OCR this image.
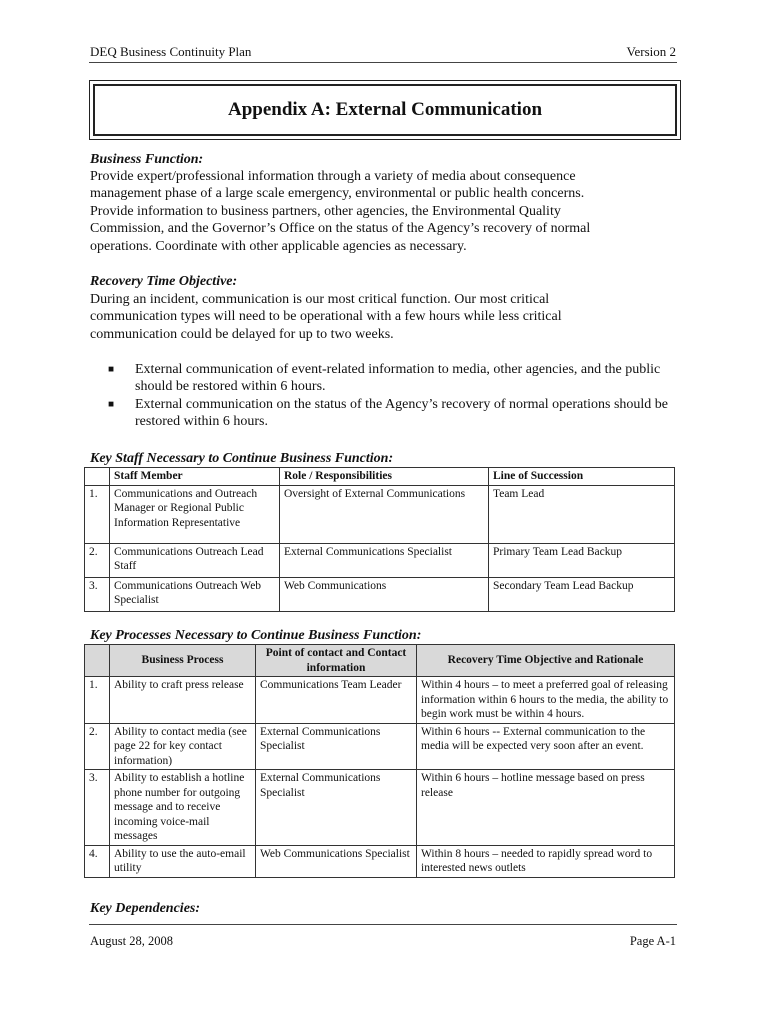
DEQ Business Continuity Plan	Version 2
Appendix A: External Communication
Business Function:
Provide expert/professional information through a variety of media about consequence
management phase of a large scale emergency, environmental or public health concerns.
Provide information to business partners, other agencies, the Environmental Quality
Commission, and the Governor’s Office on the status of the Agency’s recovery of normal
operations. Coordinate with other applicable agencies as necessary.
Recovery Time Objective:
During an incident, communication is our most critical function. Our most critical
communication types will need to be operational with a few hours while less critical
communication could be delayed for up to two weeks.
■ External communication of event-related information to media, other agencies, and the public should be restored within 6 hours.
■ External communication on the status of the Agency’s recovery of normal operations should be restored within 6 hours.
Key Staff Necessary to Continue Business Function:
	Staff Member	Role / Responsibilities	Line of Succession
1.	Communications and Outreach Manager or Regional Public Information Representative	Oversight of External Communications	Team Lead
2.	Communications Outreach Lead Staff	External Communications Specialist	Primary Team Lead Backup
3.	Communications Outreach Web Specialist	Web Communications	Secondary Team Lead Backup
Key Processes Necessary to Continue Business Function:
	Business Process	Point of contact and Contact information	Recovery Time Objective and Rationale
1.	Ability to craft press release	Communications Team Leader	Within 4 hours – to meet a preferred goal of releasing information within 6 hours to the media, the ability to begin work must be within 4 hours.
2.	Ability to contact media (see page 22 for key contact information)	External Communications Specialist	Within 6 hours -- External communication to the media will be expected very soon after an event.
3.	Ability to establish a hotline phone number for outgoing message and to receive incoming voice-mail messages	External Communications Specialist	Within 6 hours – hotline message based on press release
4.	Ability to use the auto-email utility	Web Communications Specialist	Within 8 hours – needed to rapidly spread word to interested news outlets
Key Dependencies:
August 28, 2008	Page A-1
